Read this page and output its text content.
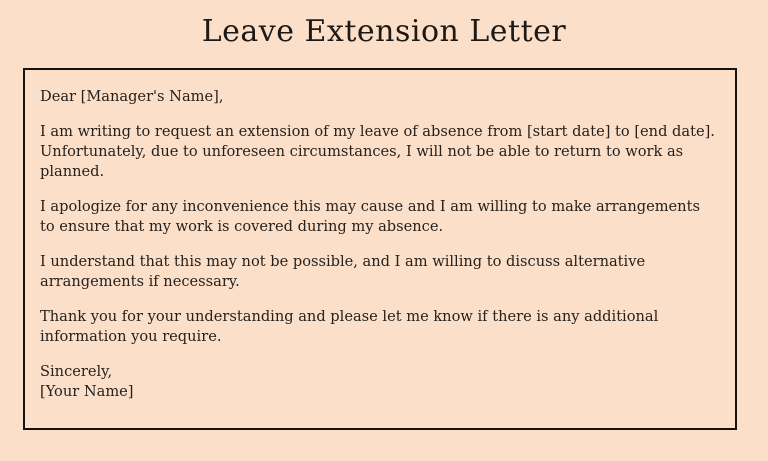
Leave Extension Letter

Dear [Manager's Name],

I am writing to request an extension of my leave of absence from [start date] to [end date]. Unfortunately, due to unforeseen circumstances, I will not be able to return to work as planned.

I apologize for any inconvenience this may cause and I am willing to make arrangements to ensure that my work is covered during my absence.

I understand that this may not be possible, and I am willing to discuss alternative arrangements if necessary.

Thank you for your understanding and please let me know if there is any additional information you require.

Sincerely,

[Your Name]
